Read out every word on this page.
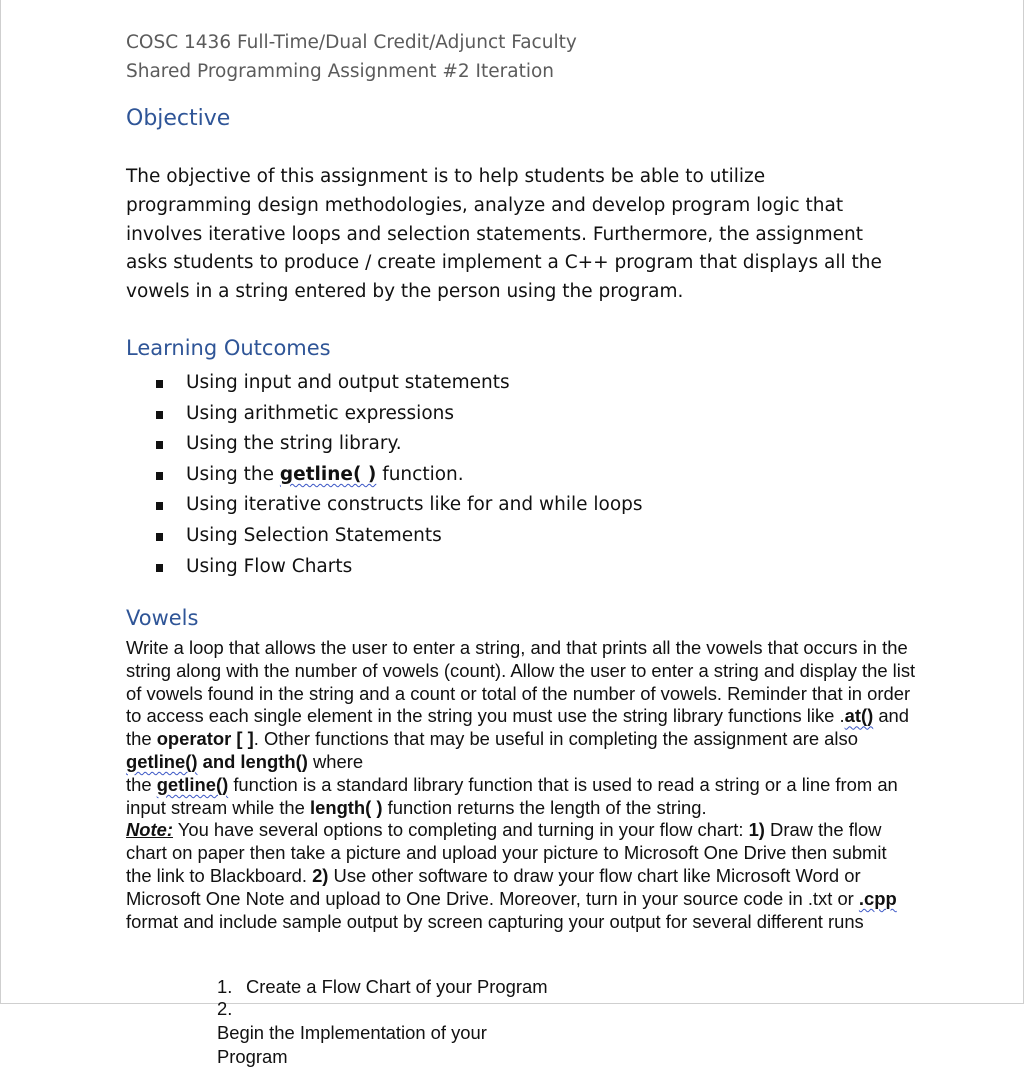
COSC 1436 Full-Time/Dual Credit/Adjunct Faculty
Shared Programming Assignment #2 Iteration
Objective
The objective of this assignment is to help students be able to utilize
programming design methodologies, analyze and develop program logic that
involves iterative loops and selection statements. Furthermore, the assignment
asks students to produce / create implement a C++ program that displays all the
vowels in a string entered by the person using the program.
Learning Outcomes
Using input and output statements
Using arithmetic expressions
Using the string library.
Using the getline( ) function.
Using iterative constructs like for and while loops
Using Selection Statements
Using Flow Charts
Vowels
Write a loop that allows the user to enter a string, and that prints all the vowels that occurs in the string along with the number of vowels (count). Allow the user to enter a string and display the list of vowels found in the string and a count or total of the number of vowels. Reminder that in order to access each single element in the string you must use the string library functions like .at() and the operator [ ]. Other functions that may be useful in completing the assignment are also getline() and length() where
the getline() function is a standard library function that is used to read a string or a line from an input stream while the length( ) function returns the length of the string.
Note: You have several options to completing and turning in your flow chart: 1) Draw the flow chart on paper then take a picture and upload your picture to Microsoft One Drive then submit the link to Blackboard. 2) Use other software to draw your flow chart like Microsoft Word or Microsoft One Note and upload to One Drive. Moreover, turn in your source code in .txt or .cpp format and include sample output by screen capturing your output for several different runs
1. Create a Flow Chart of your Program
2.
Begin the Implementation of your Program
